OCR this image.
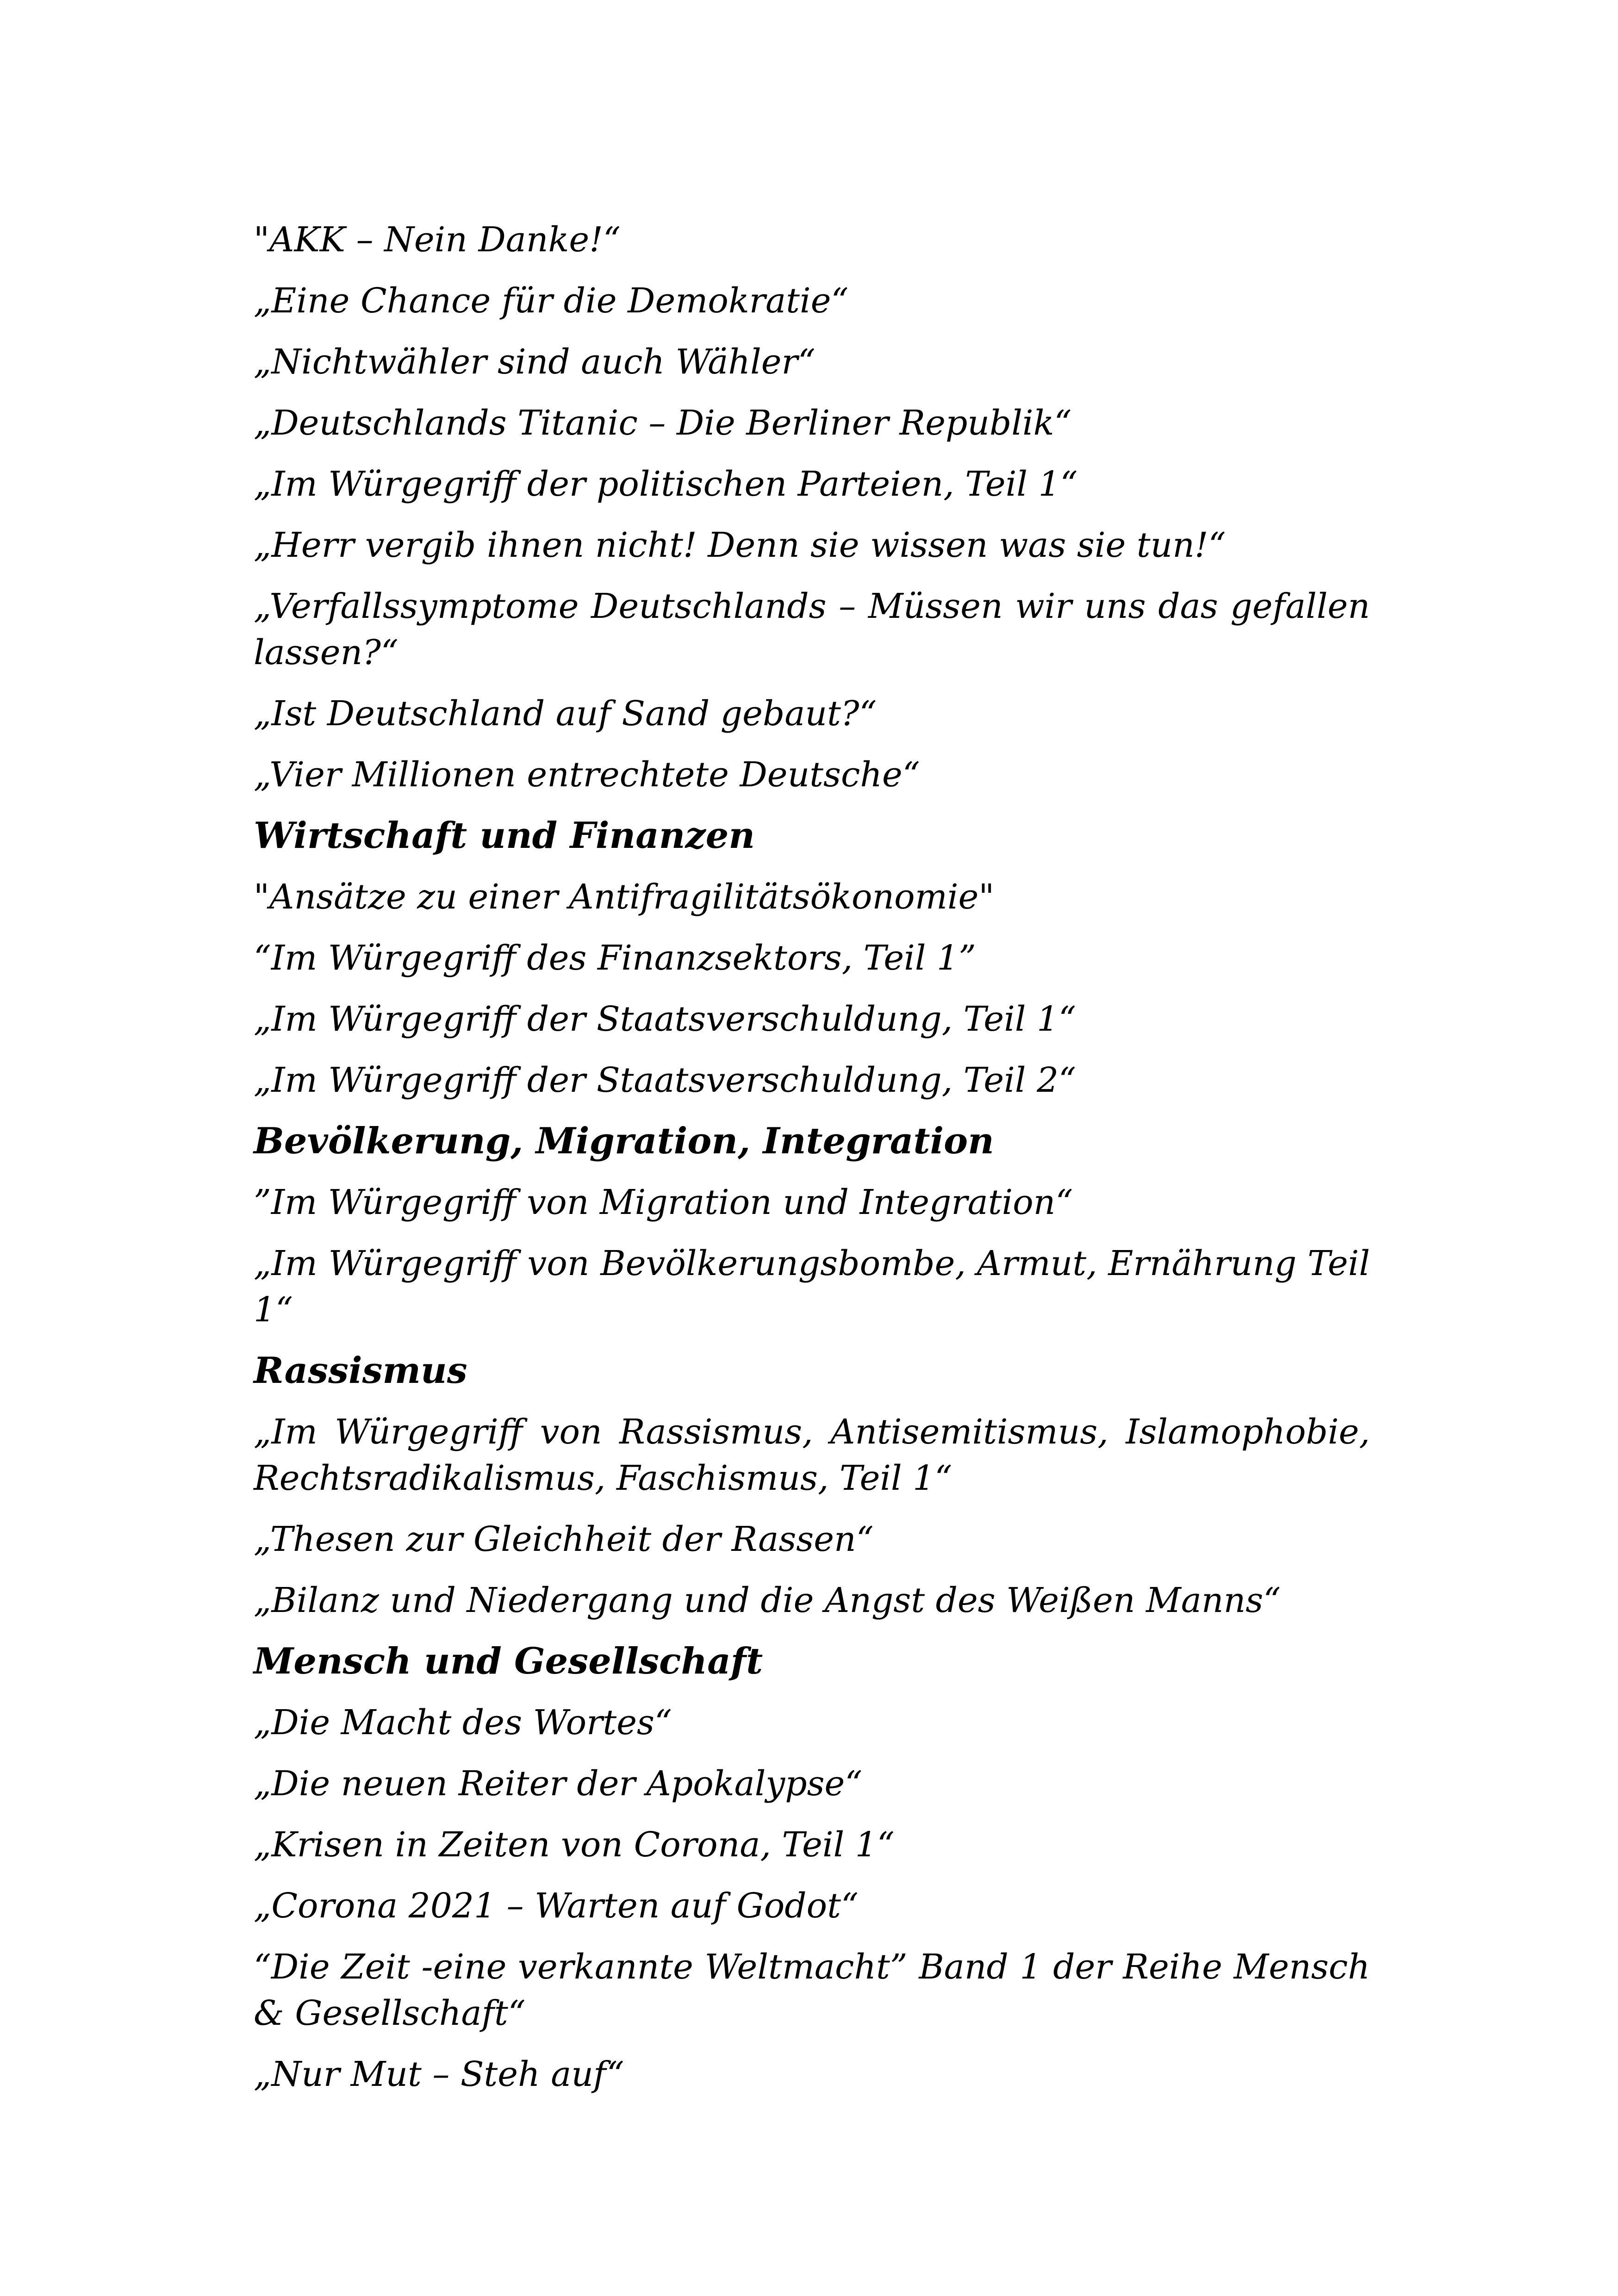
"AKK – Nein Danke!“

„Eine Chance für die Demokratie“

„Nichtwähler sind auch Wähler“

„Deutschlands Titanic – Die Berliner Republik“

„Im Würgegriff der politischen Parteien, Teil 1“

„Herr vergib ihnen nicht! Denn sie wissen was sie tun!“

„Verfallssymptome Deutschlands – Müssen wir uns das gefallen lassen?“

„Ist Deutschland auf Sand gebaut?“

„Vier Millionen entrechtete Deutsche“

Wirtschaft und Finanzen

"Ansätze zu einer Antifragilitätsökonomie"

“Im Würgegriff des Finanzsektors, Teil 1”

„Im Würgegriff der Staatsverschuldung, Teil 1“

„Im Würgegriff der Staatsverschuldung, Teil 2“

Bevölkerung, Migration, Integration

”Im Würgegriff von Migration und Integration“

„Im Würgegriff von Bevölkerungsbombe, Armut, Ernährung Teil 1“

Rassismus

„Im Würgegriff von Rassismus, Antisemitismus, Islamophobie, Rechtsradikalismus, Faschismus, Teil 1“

„Thesen zur Gleichheit der Rassen“

„Bilanz und Niedergang und die Angst des Weißen Manns“

Mensch und Gesellschaft

„Die Macht des Wortes“

„Die neuen Reiter der Apokalypse“

„Krisen in Zeiten von Corona, Teil 1“

„Corona 2021 – Warten auf Godot“

“Die Zeit -eine verkannte Weltmacht” Band 1 der Reihe Mensch & Gesellschaft“

„Nur Mut – Steh auf“
